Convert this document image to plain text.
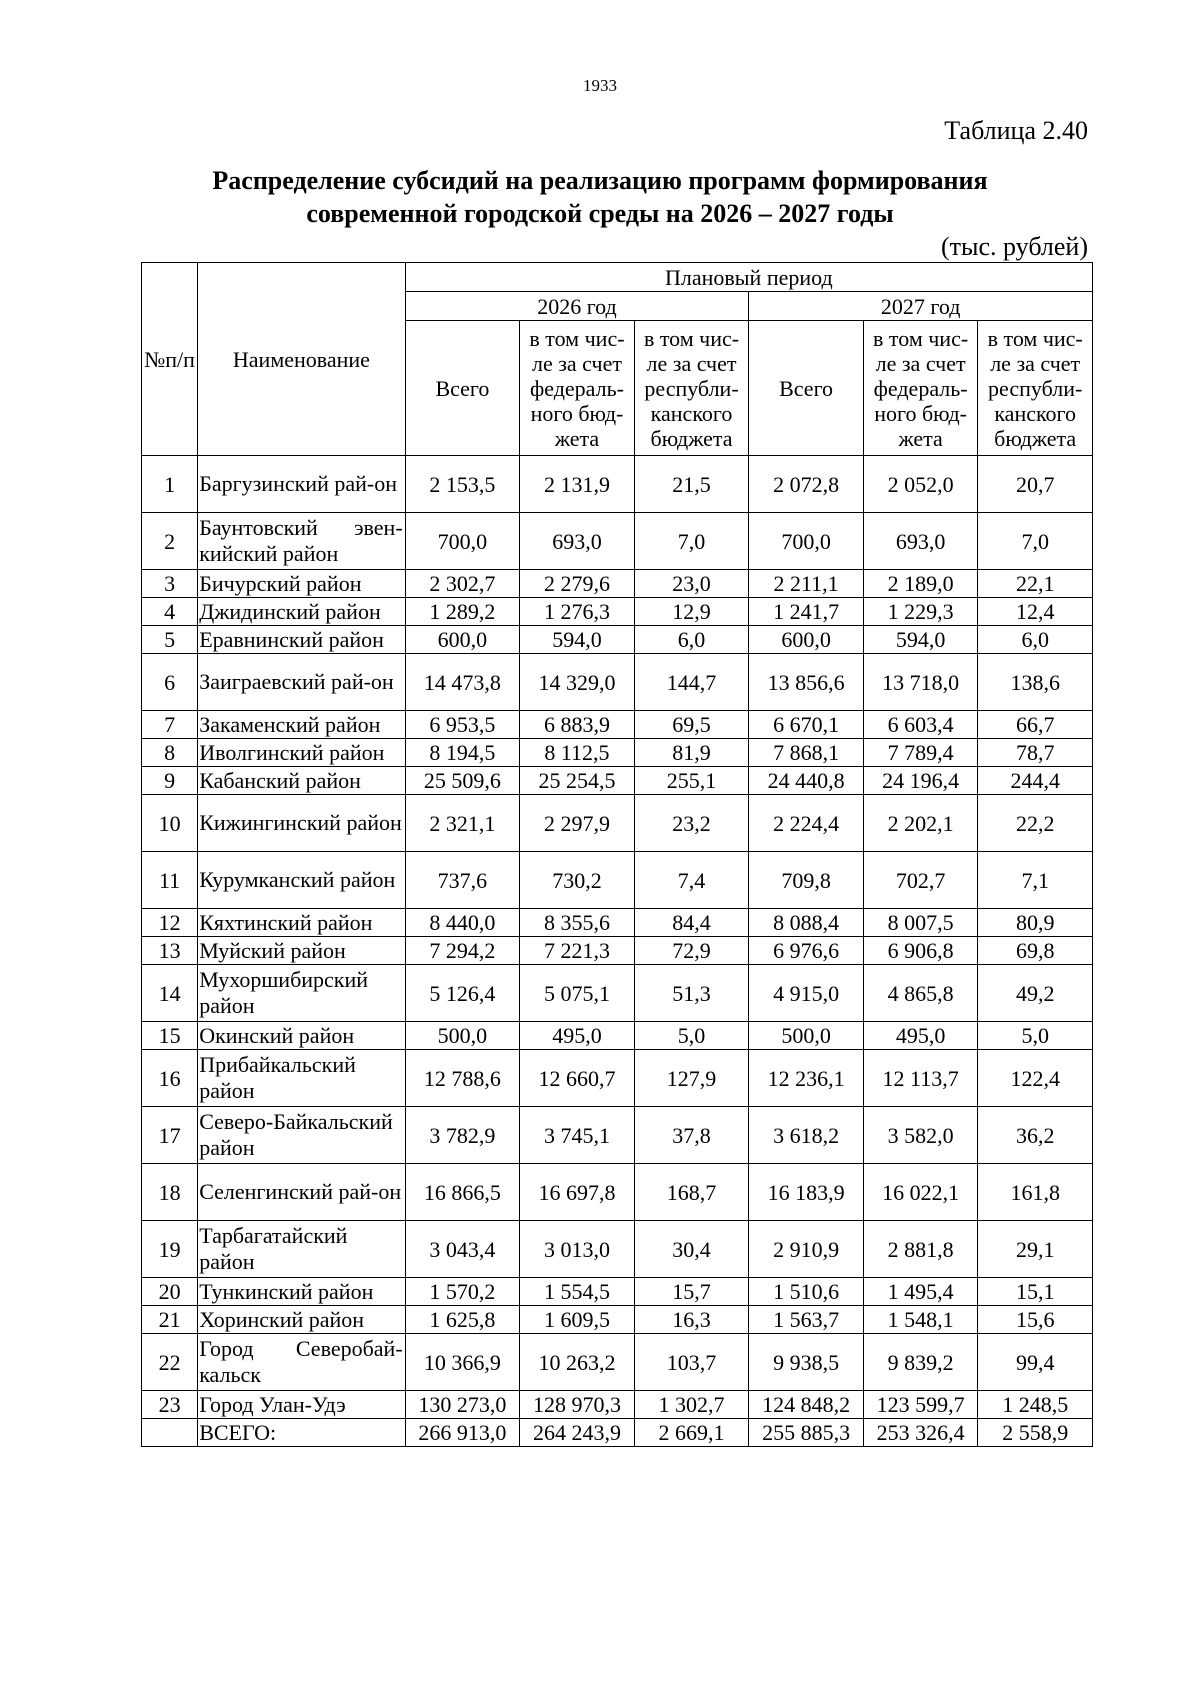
1933
Таблица 2.40
Распределение субсидий на реализацию программ формирования
современной городской среды на 2026 – 2027 годы
(тыс. рублей)
№п/п	Наименование	Плановый период					
		2026 год			2027 год		
		Всего	в том чис-ле за счет федераль-ного бюд-жета	в том чис-ле за счет республи-канского бюджета	Всего	в том чис-ле за счет федераль-ного бюд-жета	в том чис-ле за счет республи-канского бюджета
1	Баргузинский рай-он	2 153,5	2 131,9	21,5	2 072,8	2 052,0	20,7
2	Баунтовский эвен-кийский район	700,0	693,0	7,0	700,0	693,0	7,0
3	Бичурский район	2 302,7	2 279,6	23,0	2 211,1	2 189,0	22,1
4	Джидинский район	1 289,2	1 276,3	12,9	1 241,7	1 229,3	12,4
5	Еравнинский район	600,0	594,0	6,0	600,0	594,0	6,0
6	Заиграевский рай-он	14 473,8	14 329,0	144,7	13 856,6	13 718,0	138,6
7	Закаменский район	6 953,5	6 883,9	69,5	6 670,1	6 603,4	66,7
8	Иволгинский район	8 194,5	8 112,5	81,9	7 868,1	7 789,4	78,7
9	Кабанский район	25 509,6	25 254,5	255,1	24 440,8	24 196,4	244,4
10	Кижингинский район	2 321,1	2 297,9	23,2	2 224,4	2 202,1	22,2
11	Курумканский район	737,6	730,2	7,4	709,8	702,7	7,1
12	Кяхтинский район	8 440,0	8 355,6	84,4	8 088,4	8 007,5	80,9
13	Муйский район	7 294,2	7 221,3	72,9	6 976,6	6 906,8	69,8
14	Мухоршибирский район	5 126,4	5 075,1	51,3	4 915,0	4 865,8	49,2
15	Окинский район	500,0	495,0	5,0	500,0	495,0	5,0
16	Прибайкальский район	12 788,6	12 660,7	127,9	12 236,1	12 113,7	122,4
17	Северо-Байкальский район	3 782,9	3 745,1	37,8	3 618,2	3 582,0	36,2
18	Селенгинский рай-он	16 866,5	16 697,8	168,7	16 183,9	16 022,1	161,8
19	Тарбагатайский район	3 043,4	3 013,0	30,4	2 910,9	2 881,8	29,1
20	Тункинский район	1 570,2	1 554,5	15,7	1 510,6	1 495,4	15,1
21	Хоринский район	1 625,8	1 609,5	16,3	1 563,7	1 548,1	15,6
22	Город Северобай-кальск	10 366,9	10 263,2	103,7	9 938,5	9 839,2	99,4
23	Город Улан-Удэ	130 273,0	128 970,3	1 302,7	124 848,2	123 599,7	1 248,5
	ВСЕГО:	266 913,0	264 243,9	2 669,1	255 885,3	253 326,4	2 558,9
